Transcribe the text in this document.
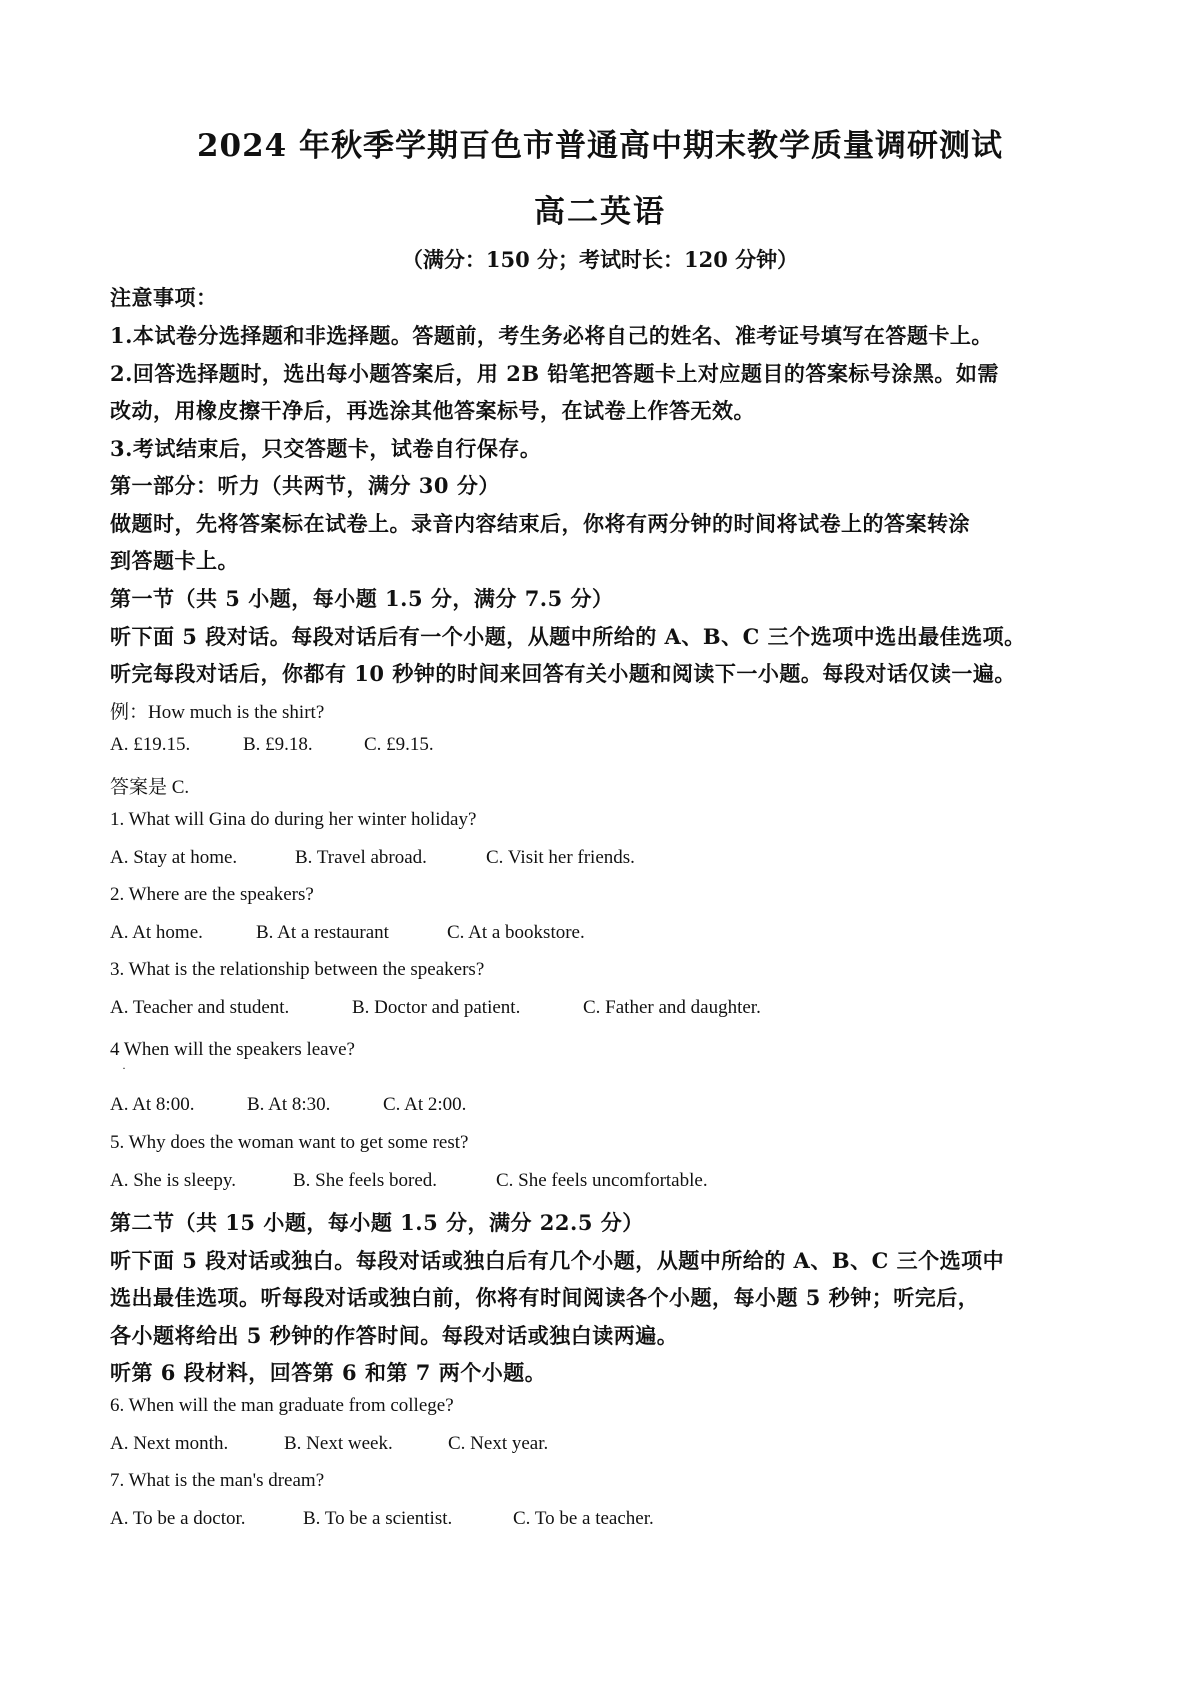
2024 年秋季学期百色市普通高中期末教学质量调研测试
高二英语
（满分：150 分；考试时长：120 分钟）
注意事项：
1.本试卷分选择题和非选择题。答题前，考生务必将自己的姓名、准考证号填写在答题卡上。
2.回答选择题时，选出每小题答案后，用 2B 铅笔把答题卡上对应题目的答案标号涂黑。如需
改动，用橡皮擦干净后，再选涂其他答案标号，在试卷上作答无效。
3.考试结束后，只交答题卡，试卷自行保存。
第一部分：听力（共两节，满分 30 分）
做题时，先将答案标在试卷上。录音内容结束后，你将有两分钟的时间将试卷上的答案转涂
到答题卡上。
第一节（共 5 小题，每小题 1.5 分，满分 7.5 分）
听下面 5 段对话。每段对话后有一个小题，从题中所给的 A、B、C 三个选项中选出最佳选项。
听完每段对话后，你都有 10 秒钟的时间来回答有关小题和阅读下一小题。每段对话仅读一遍。
例：How much is the shirt?
A. £19.15.	B. £9.18.	C. £9.15.
答案是 C.
1. What will Gina do during her winter holiday?
A. Stay at home.	B. Travel abroad.	C. Visit her friends.
2. Where are the speakers?
A. At home.	B. At a restaurant	C. At a bookstore.
3. What is the relationship between the speakers?
A. Teacher and student.	B. Doctor and patient.	C. Father and daughter.
4 When will the speakers leave?
·
A. At 8:00.	B. At 8:30.	C. At 2:00.
5. Why does the woman want to get some rest?
A. She is sleepy.	B. She feels bored.	C. She feels uncomfortable.
第二节（共 15 小题，每小题 1.5 分，满分 22.5 分）
听下面 5 段对话或独白。每段对话或独白后有几个小题，从题中所给的 A、B、C 三个选项中
选出最佳选项。听每段对话或独白前，你将有时间阅读各个小题，每小题 5 秒钟；听完后，
各小题将给出 5 秒钟的作答时间。每段对话或独白读两遍。
听第 6 段材料，回答第 6 和第 7 两个小题。
6. When will the man graduate from college?
A. Next month.	B. Next week.	C. Next year.
7. What is the man's dream?
A. To be a doctor.	B. To be a scientist.	C. To be a teacher.
